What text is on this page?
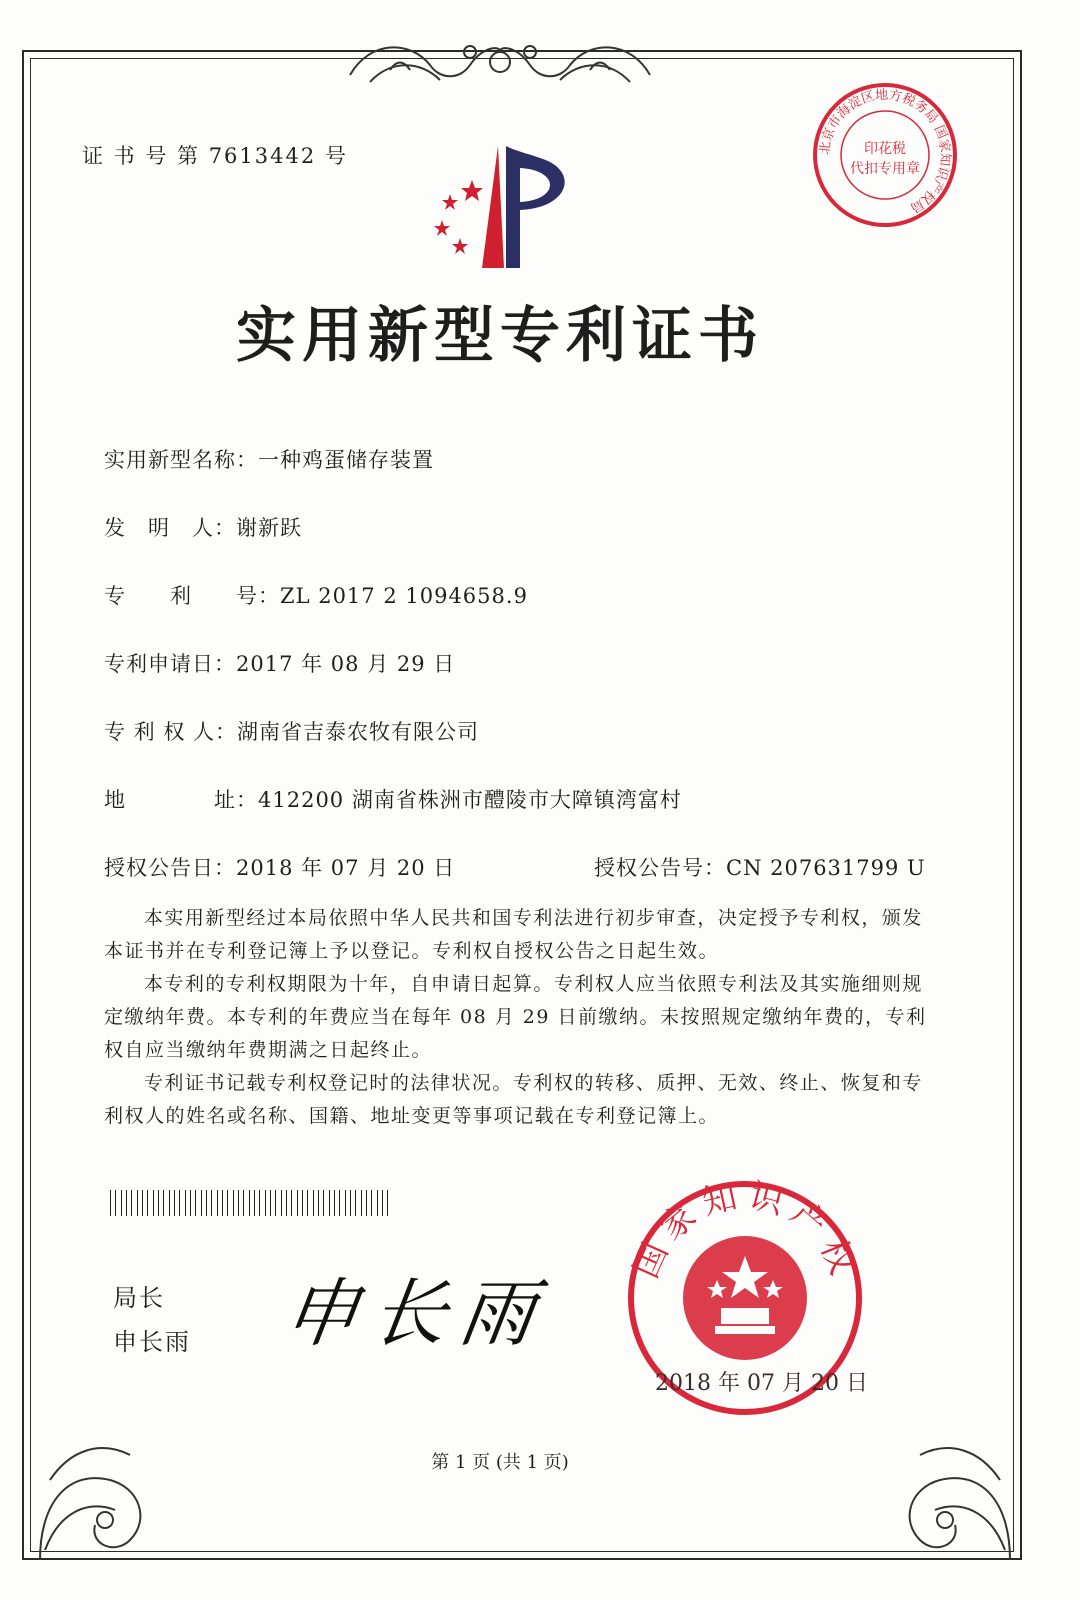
证 书 号 第 7613442 号	北京市海淀区地方税务局 国家知识产权局
印花税
代扣专用章
实用新型专利证书
实用新型名称：一种鸡蛋储存装置
发　明　人：谢新跃
专　　利　　号：ZL 2017 2 1094658.9
专利申请日：2017 年 08 月 29 日
专 利 权 人：湖南省吉泰农牧有限公司
地　　　　址：412200 湖南省株洲市醴陵市大障镇湾富村
授权公告日：2018 年 07 月 20 日	授权公告号：CN 207631799 U

本实用新型经过本局依照中华人民共和国专利法进行初步审查，决定授予专利权，颁发本证书并在专利登记簿上予以登记。专利权自授权公告之日起生效。

本专利的专利权期限为十年，自申请日起算。专利权人应当依照专利法及其实施细则规定缴纳年费。本专利的年费应当在每年 08 月 29 日前缴纳。未按照规定缴纳年费的，专利权自应当缴纳年费期满之日起终止。

专利证书记载专利权登记时的法律状况。专利权的转移、质押、无效、终止、恢复和专利权人的姓名或名称、国籍、地址变更等事项记载在专利登记簿上。

局长
申长雨 申长雨
国家知识产权
2018 年 07 月 20 日
第 1 页 (共 1 页)
